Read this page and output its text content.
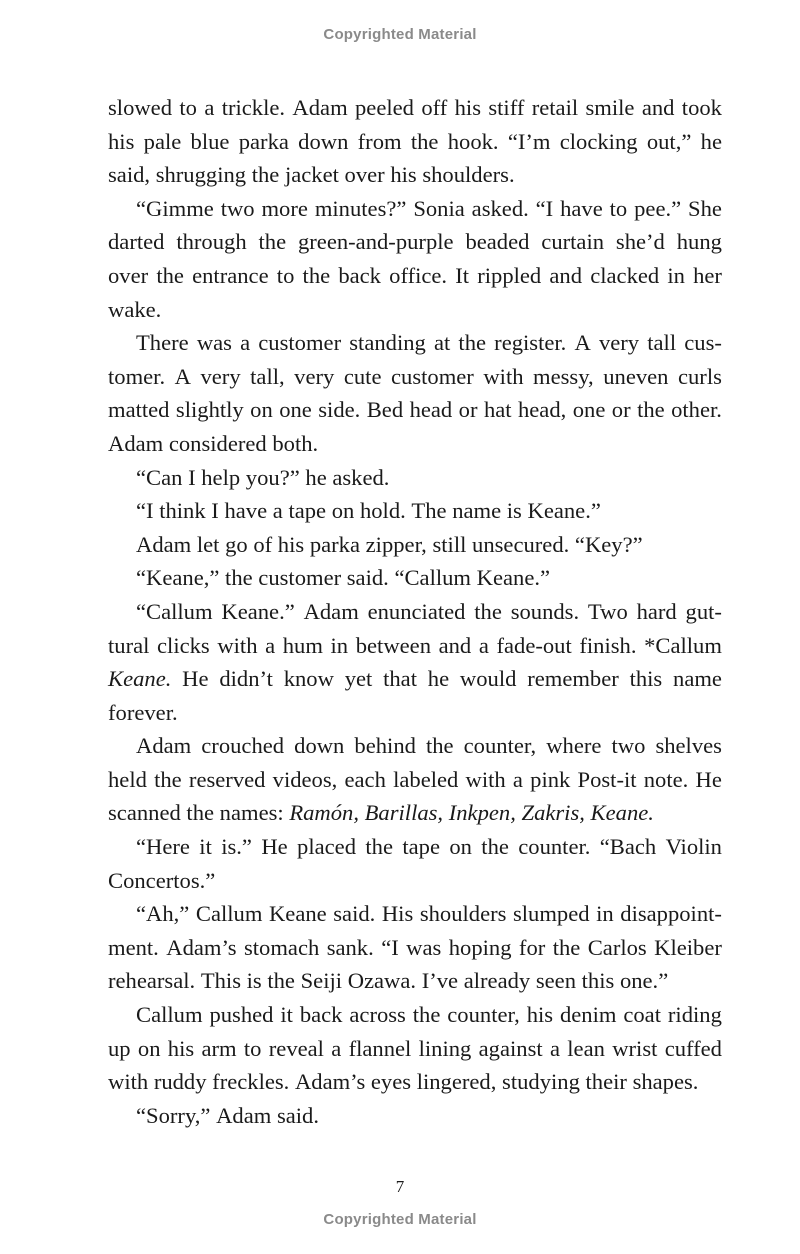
Copyrighted Material
slowed to a trickle. Adam peeled off his stiff retail smile and took
his pale blue parka down from the hook. “I’m clocking out,” he
said, shrugging the jacket over his shoulders.
“Gimme two more minutes?” Sonia asked. “I have to pee.” She
darted through the green-and-purple beaded curtain she’d hung
over the entrance to the back office. It rippled and clacked in her
wake.
There was a customer standing at the register. A very tall cus-
tomer. A very tall, very cute customer with messy, uneven curls
matted slightly on one side. Bed head or hat head, one or the other.
Adam considered both.
“Can I help you?” he asked.
“I think I have a tape on hold. The name is Keane.”
Adam let go of his parka zipper, still unsecured. “Key?”
“Keane,” the customer said. “Callum Keane.”
“Callum Keane.” Adam enunciated the sounds. Two hard gut-
tural clicks with a hum in between and a fade-out finish. *Callum
Keane. He didn’t know yet that he would remember this name
forever.
Adam crouched down behind the counter, where two shelves
held the reserved videos, each labeled with a pink Post-it note. He
scanned the names: Ramón, Barillas, Inkpen, Zakris, Keane.
“Here it is.” He placed the tape on the counter. “Bach Violin
Concertos.”
“Ah,” Callum Keane said. His shoulders slumped in disappoint-
ment. Adam’s stomach sank. “I was hoping for the Carlos Kleiber
rehearsal. This is the Seiji Ozawa. I’ve already seen this one.”
Callum pushed it back across the counter, his denim coat riding
up on his arm to reveal a flannel lining against a lean wrist cuffed
with ruddy freckles. Adam’s eyes lingered, studying their shapes.
“Sorry,” Adam said.
7
Copyrighted Material
